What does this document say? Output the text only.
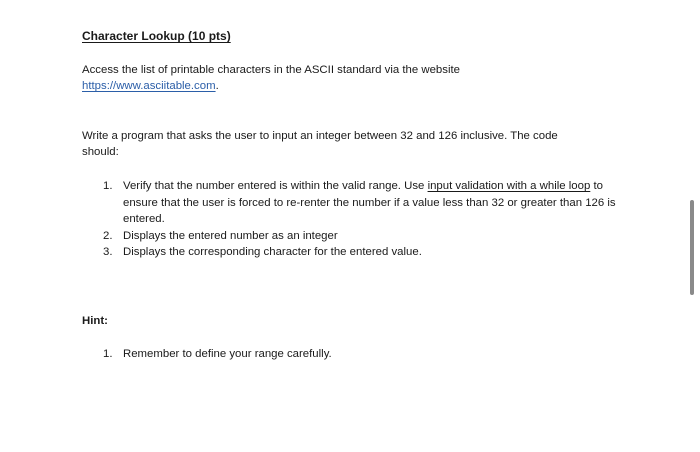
Character Lookup (10 pts)
Access the list of printable characters in the ASCII standard via the website
https://www.asciitable.com.
Write a program that asks the user to input an integer between 32 and 126 inclusive. The code
should:
1. Verify that the number entered is within the valid range. Use input validation with a while loop to ensure that the user is forced to re-renter the number if a value less than 32 or greater than 126 is entered.
2. Displays the entered number as an integer
3. Displays the corresponding character for the entered value.
Hint:
1. Remember to define your range carefully.
